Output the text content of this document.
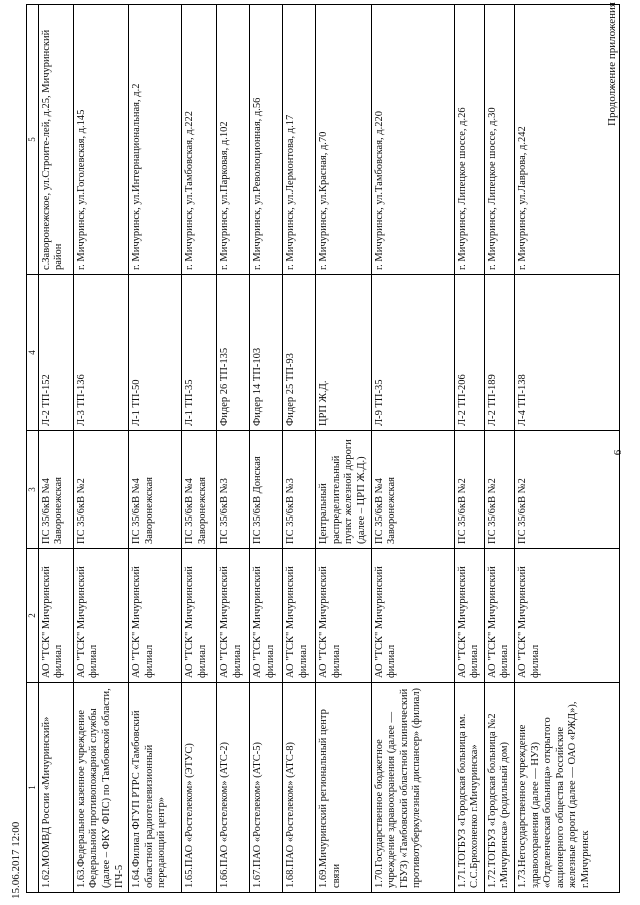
15.06.2017 12:00
Продолжение приложения
6
1	2	3	4	5
1.62.МОМВД России «Мичуринский»	АО "ТСК" Мичуринский филиал	ПС 35/6кВ №4 Заворонежская	Л-2 ТП-152	с.Заворонежское, ул.Строите-лей, д.25, Мичуринский район
1.63.Федеральное казенное учреждение Федеральной противопожарной службы (далее – ФКУ ФПС) по Тамбовской области, ПЧ-5	АО "ТСК" Мичуринский филиал	ПС 35/6кВ №2	Л-3 ТП-136	г. Мичуринск, ул.Гоголевская, д.145
1.64.Филиал ФГУП РТРС «Тамбовский областной радиотелевизионный передающий центр»	АО "ТСК" Мичуринский филиал	ПС 35/6кВ №4 Заворонежская	Л-1 ТП-50	г. Мичуринск, ул.Интернациональная, д.2
1.65.ПАО «Ростелеком» (ЭТУС)	АО "ТСК" Мичуринский филиал	ПС 35/6кВ №4 Заворонежская	Л-1 ТП-35	г. Мичуринск, ул.Тамбовская, д.222
1.66.ПАО «Ростелеком» (АТС-2)	АО "ТСК" Мичуринский филиал	ПС 35/6кВ №3	Фидер 26 ТП-135	г. Мичуринск, ул.Парковая, д.102
1.67.ПАО «Ростелеком» (АТС-5)	АО "ТСК" Мичуринский филиал	ПС 35/6кВ Донская	Фидер 14 ТП-103	г. Мичуринск, ул.Революционная, д.56
1.68.ПАО «Ростелеком» (АТС-8)	АО "ТСК" Мичуринский филиал	ПС 35/6кВ №3	Фидер 25 ТП-93	г. Мичуринск, ул.Лермонтова, д.17
1.69.Мичуринский региональный центр связи	АО "ТСК" Мичуринский филиал	Центральный распределительный пункт железной дороги (далее – ЦРП Ж.Д.)	ЦРП Ж.Д.	г. Мичуринск, ул.Красная, д.70
1.70.Государственное бюджетное учреждение здравоохранения (далее — ГБУЗ) «Тамбовский областной клинический противотуберкулезный диспансер» (филиал)	АО "ТСК" Мичуринский филиал	ПС 35/6кВ №4 Заворонежская	Л-9 ТП-35	г. Мичуринск, ул.Тамбовская, д.220
1.71.ТОГБУЗ «Городская больница им. С.С.Брюхоненко г.Мичуринска»	АО "ТСК" Мичуринский филиал	ПС 35/6кВ №2	Л-2 ТП-206	г. Мичуринск, Липецкое шоссе, д.26
1.72.ТОГБУЗ «Городская больница №2 г.Мичуринска» (родильный дом)	АО "ТСК" Мичуринский филиал	ПС 35/6кВ №2	Л-2 ТП-189	г. Мичуринск, Липецкое шоссе, д.30
1.73.Негосударственное учреждение здравоохранения (далее — НУЗ) «Отделенческая больница» открытого акционерного общества Российские железные дороги (далее — ОАО «РЖД»), г.Мичуринск	АО "ТСК" Мичуринский филиал	ПС 35/6кВ №2	Л-4 ТП-138	г. Мичуринск, ул.Лаврова, д.242
